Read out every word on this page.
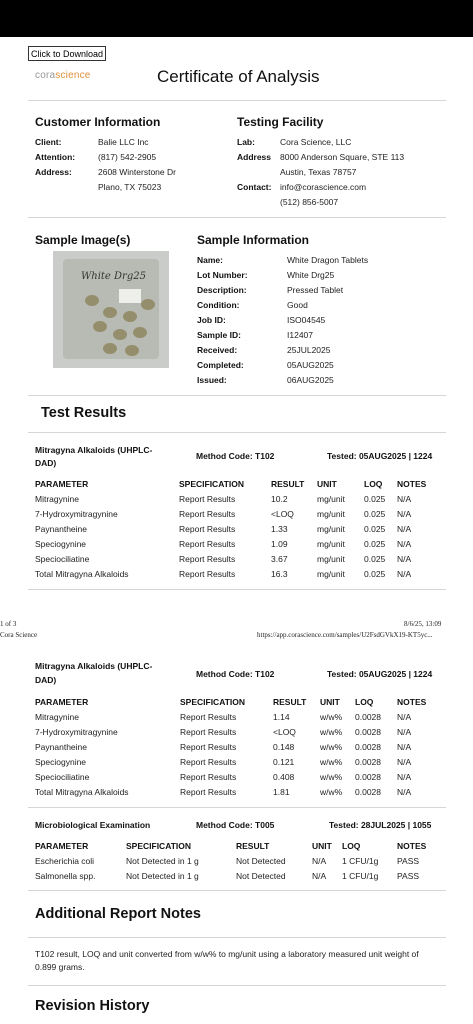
Click to Download
corascience	Certificate of Analysis
Customer Information
Client:	Balie LLC Inc
Attention:	(817) 542-2905
Address:	2608 Winterstone Dr
Plano, TX 75023
Testing Facility
Lab:	Cora Science, LLC
Address 8000 Anderson Square, STE 113
Austin, Texas 78757
Contact: info@corascience.com
(512) 856-5007
Sample Image(s)
White Drg25
Sample Information
Name:	White Dragon Tablets
Lot Number:	White Drg25
Description:	Pressed Tablet
Condition:	Good
Job ID:	ISO04545
Sample ID:	I12407
Received:	25JUL2025
Completed:	05AUG2025
Issued:	06AUG2025
Test Results
Mitragyna Alkaloids (UHPLC-
DAD)
Method Code: T102	Tested: 05AUG2025 | 1224
PARAMETER	SPECIFICATION	RESULT UNIT	LOQ NOTES
Mitragynine	Report Results	10.2	mg/unit 0.025 N/A
7-Hydroxymitragynine	Report Results	<LOQ	mg/unit 0.025 N/A
Paynantheine	Report Results	1.33	mg/unit 0.025 N/A
Speciogynine	Report Results	1.09	mg/unit 0.025 N/A
Speciociliatine	Report Results	3.67	mg/unit 0.025 N/A
Total Mitragyna Alkaloids	Report Results	16.3	mg/unit 0.025 N/A
1 of 3	8/6/25, 13:09
Cora Science	https://app.corascience.com/samples/U2FsdGVkX19-KT5yc...
Mitragyna Alkaloids (UHPLC-
DAD)
Method Code: T102	Tested: 05AUG2025 | 1224
PARAMETER	SPECIFICATION	RESULT UNIT LOQ	NOTES
Mitragynine	Report Results	1.14	w/w% 0.0028 N/A
7-Hydroxymitragynine	Report Results	<LOQ	w/w% 0.0028 N/A
Paynantheine	Report Results	0.148	w/w% 0.0028 N/A
Speciogynine	Report Results	0.121	w/w% 0.0028 N/A
Speciociliatine	Report Results	0.408	w/w% 0.0028 N/A
Total Mitragyna Alkaloids	Report Results	1.81	w/w% 0.0028 N/A
Microbiological Examination	Method Code: T005	Tested: 28JUL2025 | 1055
PARAMETER	SPECIFICATION	RESULT	UNIT LOQ	NOTES
Escherichia coli	Not Detected in 1 g	Not Detected	N/A 1 CFU/1g PASS
Salmonella spp.	Not Detected in 1 g	Not Detected	N/A 1 CFU/1g PASS
Additional Report Notes
T102 result, LOQ and unit converted from w/w% to mg/unit using a laboratory measured unit weight of 0.899 grams.
Revision History
